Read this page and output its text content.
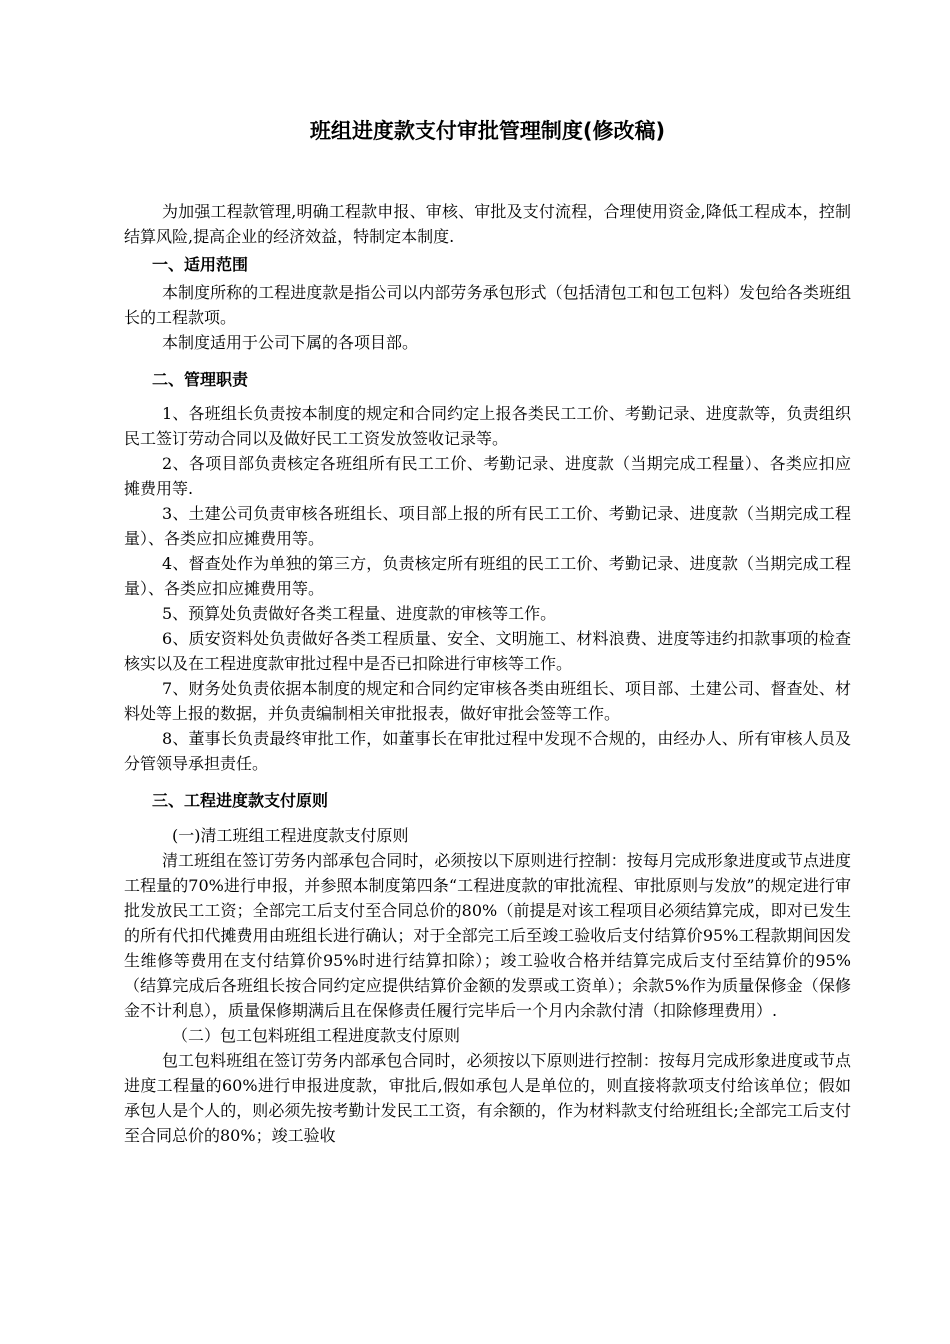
班组进度款支付审批管理制度(修改稿)

为加强工程款管理,明确工程款申报、审核、审批及支付流程，合理使用资金,降低工程成本，控制结算风险,提高企业的经济效益，特制定本制度.

一、适用范围

本制度所称的工程进度款是指公司以内部劳务承包形式（包括清包工和包工包料）发包给各类班组长的工程款项。

本制度适用于公司下属的各项目部。

二、管理职责

1、各班组长负责按本制度的规定和合同约定上报各类民工工价、考勤记录、进度款等，负责组织民工签订劳动合同以及做好民工工资发放签收记录等。

2、各项目部负责核定各班组所有民工工价、考勤记录、进度款（当期完成工程量）、各类应扣应摊费用等.

3、土建公司负责审核各班组长、项目部上报的所有民工工价、考勤记录、进度款（当期完成工程量）、各类应扣应摊费用等。

4、督查处作为单独的第三方，负责核定所有班组的民工工价、考勤记录、进度款（当期完成工程量）、各类应扣应摊费用等。

5、预算处负责做好各类工程量、进度款的审核等工作。

6、质安资料处负责做好各类工程质量、安全、文明施工、材料浪费、进度等违约扣款事项的检查核实以及在工程进度款审批过程中是否已扣除进行审核等工作。

7、财务处负责依据本制度的规定和合同约定审核各类由班组长、项目部、土建公司、督查处、材料处等上报的数据，并负责编制相关审批报表，做好审批会签等工作。

8、董事长负责最终审批工作，如董事长在审批过程中发现不合规的，由经办人、所有审核人员及分管领导承担责任。

三、工程进度款支付原则

(一)清工班组工程进度款支付原则

清工班组在签订劳务内部承包合同时，必须按以下原则进行控制：按每月完成形象进度或节点进度工程量的70%进行申报，并参照本制度第四条“工程进度款的审批流程、审批原则与发放”的规定进行审批发放民工工资；全部完工后支付至合同总价的80%（前提是对该工程项目必须结算完成，即对已发生的所有代扣代摊费用由班组长进行确认；对于全部完工后至竣工验收后支付结算价95%工程款期间因发生维修等费用在支付结算价95%时进行结算扣除）；竣工验收合格并结算完成后支付至结算价的95%（结算完成后各班组长按合同约定应提供结算价金额的发票或工资单）；余款5%作为质量保修金（保修金不计利息），质量保修期满后且在保修责任履行完毕后一个月内余款付清（扣除修理费用）.

（二）包工包料班组工程进度款支付原则

包工包料班组在签订劳务内部承包合同时，必须按以下原则进行控制：按每月完成形象进度或节点进度工程量的60%进行申报进度款，审批后,假如承包人是单位的，则直接将款项支付给该单位；假如承包人是个人的，则必须先按考勤计发民工工资，有余额的，作为材料款支付给班组长;全部完工后支付至合同总价的80%；竣工验收
